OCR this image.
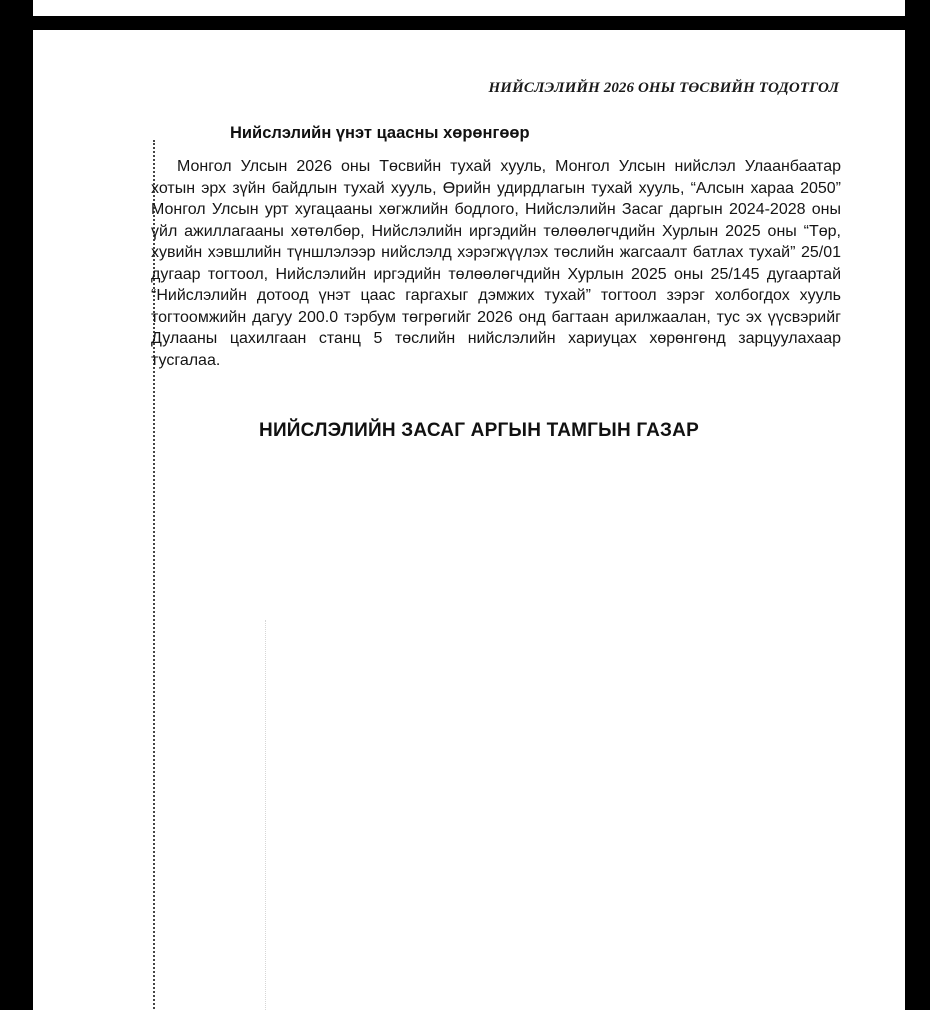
НИЙСЛЭЛИЙН 2026 ОНЫ ТӨСВИЙН ТОДОТГОЛ
Нийслэлийн үнэт цаасны хөрөнгөөр

Монгол Улсын 2026 оны Төсвийн тухай хууль, Монгол Улсын нийслэл Улаанбаатар хотын эрх зүйн байдлын тухай хууль, Өрийн удирдлагын тухай хууль, “Алсын хараа 2050” Монгол Улсын урт хугацааны хөгжлийн бодлого, Нийслэлийн Засаг даргын 2024-2028 оны үйл ажиллагааны хөтөлбөр, Нийслэлийн иргэдийн төлөөлөгчдийн Хурлын 2025 оны “Төр, хувийн хэвшлийн түншлэлээр нийслэлд хэрэгжүүлэх төслийн жагсаалт батлах тухай” 25/01 дугаар тогтоол, Нийслэлийн иргэдийн төлөөлөгчдийн Хурлын 2025 оны 25/145 дугаартай “Нийслэлийн дотоод үнэт цаас гаргахыг дэмжих тухай” тогтоол зэрэг холбогдох хууль тогтоомжийн дагуу 200.0 тэрбум төгрөгийг 2026 онд багтаан арилжаалан, тус эх үүсвэрийг Дулааны цахилгаан станц 5 төслийн нийслэлийн хариуцах хөрөнгөнд зарцуулахаар тусгалаа.

НИЙСЛЭЛИЙН ЗАСАГ АРГЫН ТАМГЫН ГАЗАР
